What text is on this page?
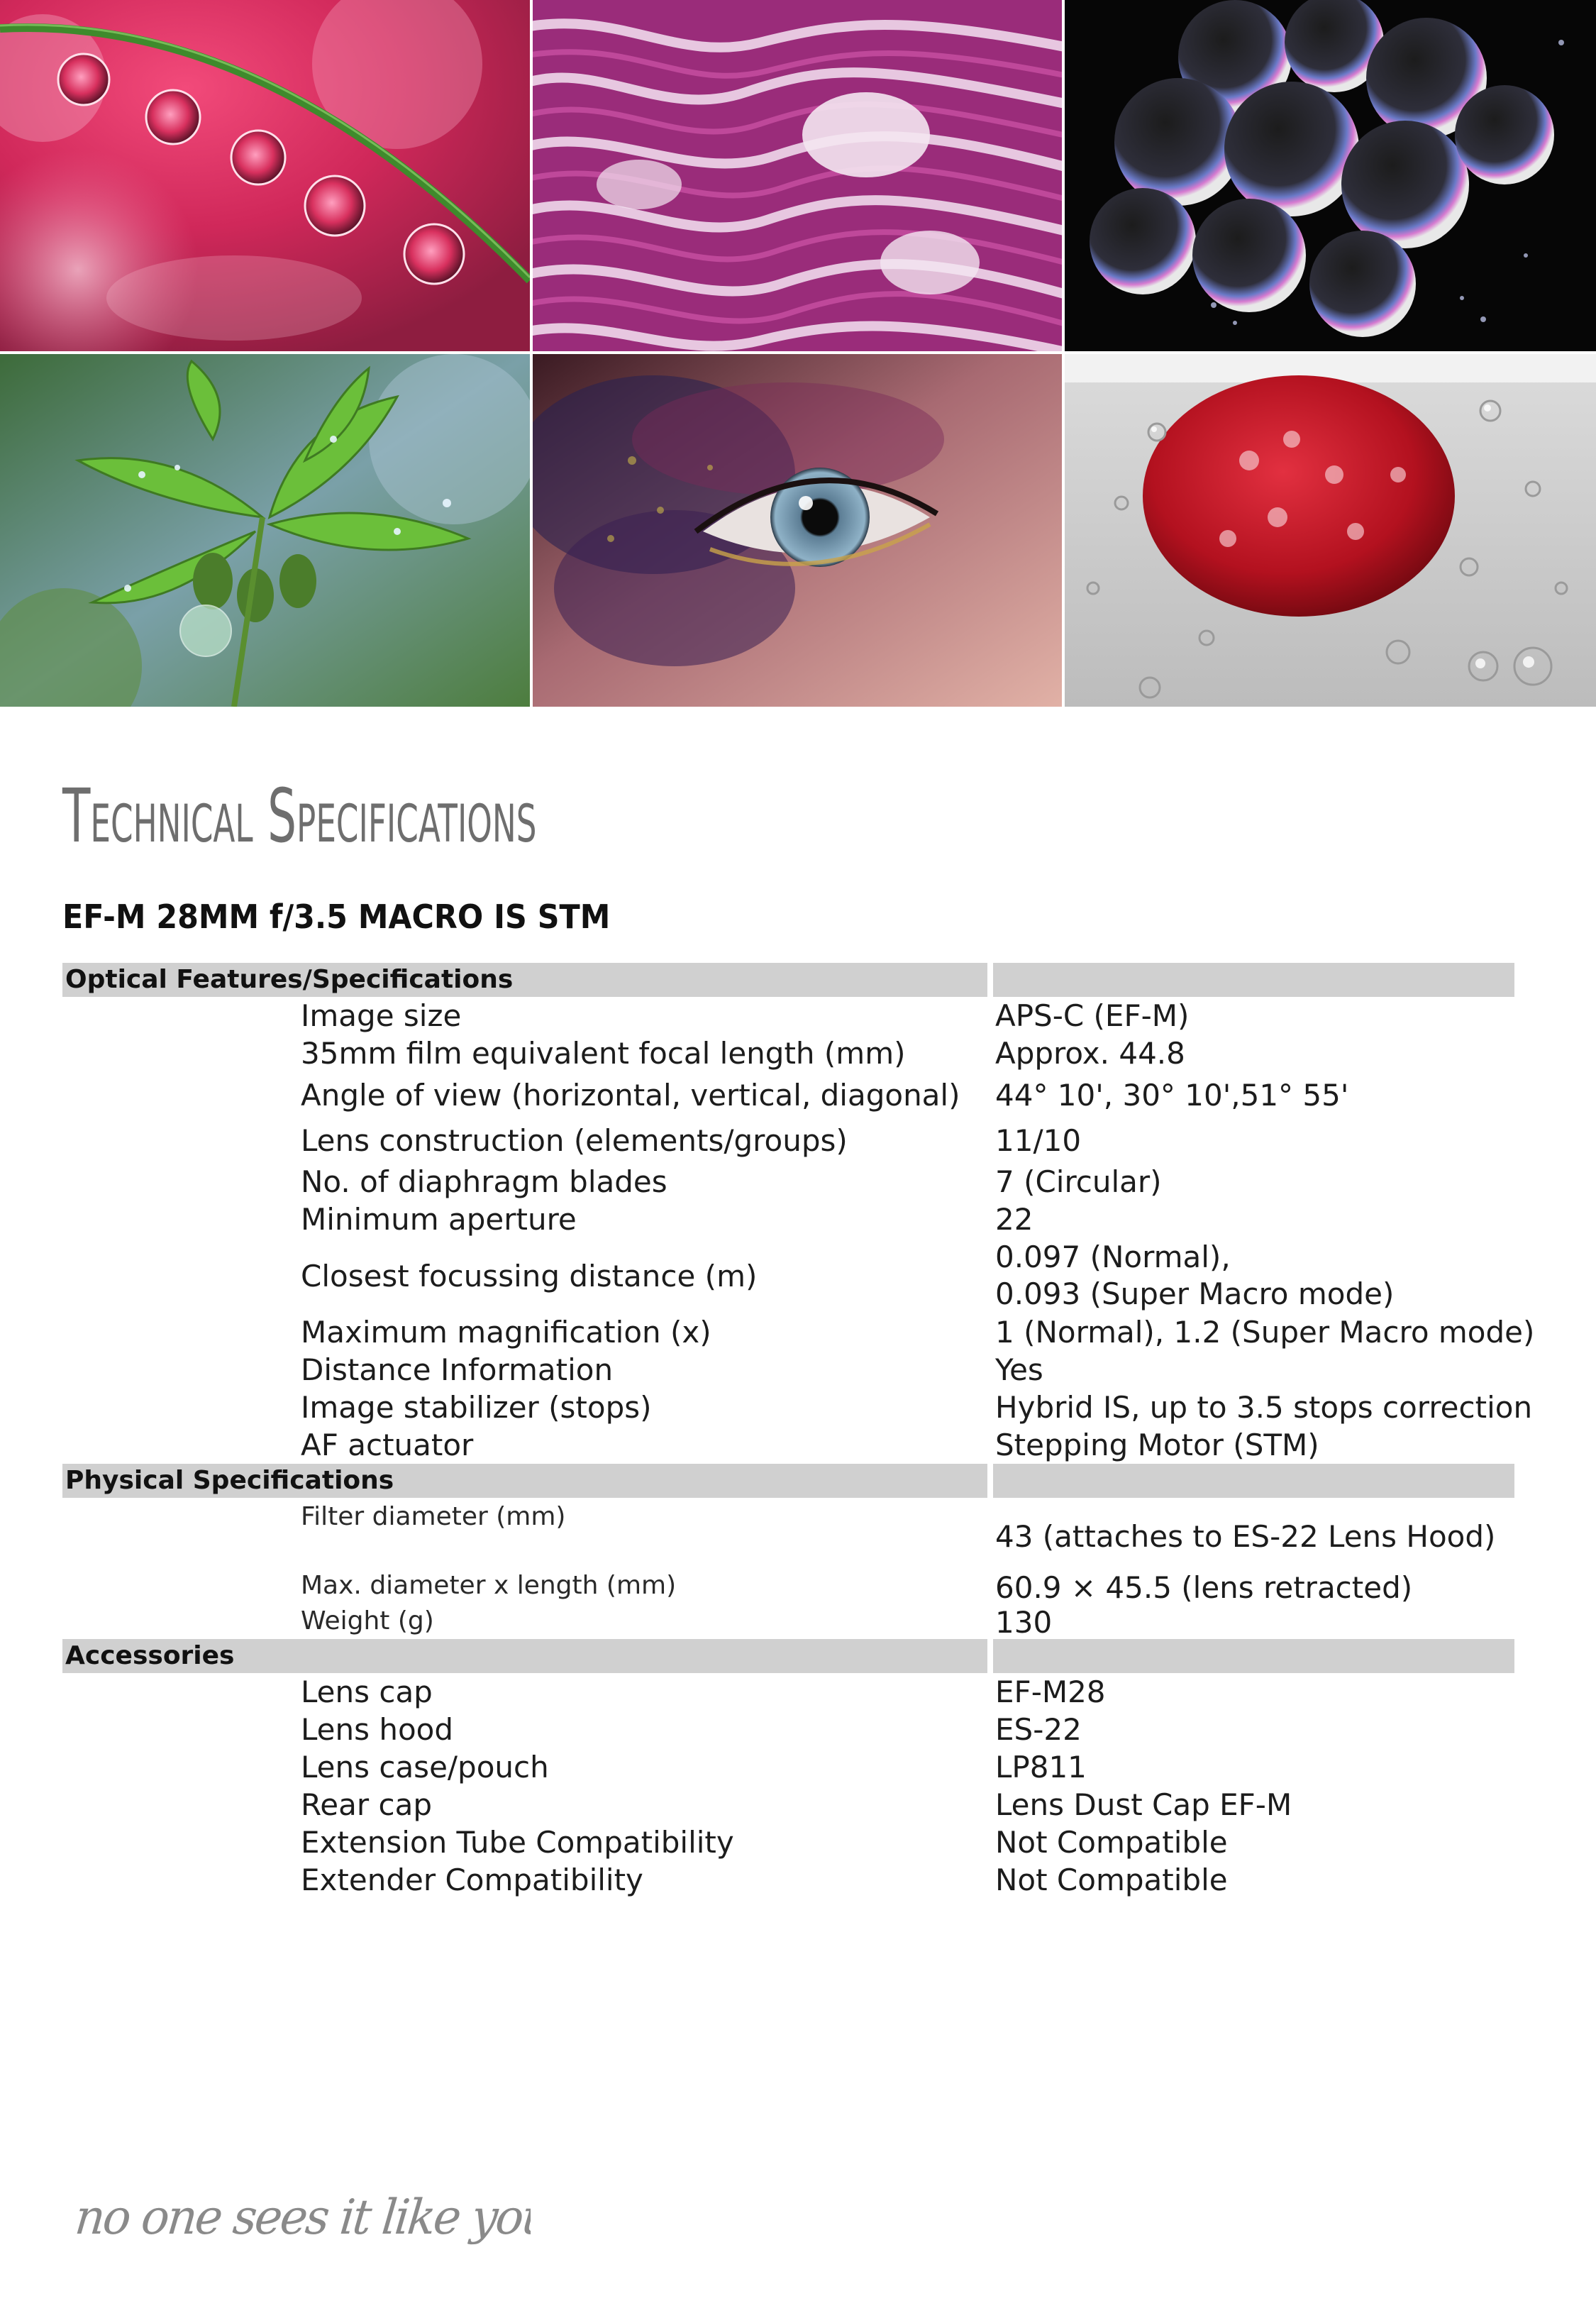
Technical Specifications
EF-M 28MM f/3.5 MACRO IS STM
Optical Features/Specifications
Image size	APS-C (EF-M)
35mm film equivalent focal length (mm)	Approx. 44.8
Angle of view (horizontal, vertical, diagonal) 44° 10', 30° 10',51° 55'
Lens construction (elements/groups)	11/10
No. of diaphragm blades	7 (Circular)
Minimum aperture	22
Closest focussing distance (m)
0.097 (Normal),
0.093 (Super Macro mode)
Maximum magnification (x)	1 (Normal), 1.2 (Super Macro mode)
Distance Information	Yes
Image stabilizer (stops)	Hybrid IS, up to 3.5 stops correction
AF actuator	Stepping Motor (STM)
Physical Specifications
Filter diameter (mm)
43 (attaches to ES-22 Lens Hood)
Max. diameter x length (mm)	60.9 × 45.5 (lens retracted)
Weight (g)	130
Accessories
Lens cap	EF-M28
Lens hood	ES-22
Lens case/pouch	LP811
Rear cap	Lens Dust Cap EF-M
Extension Tube Compatibility	Not Compatible
Extender Compatibility	Not Compatible
no one sees it like you
